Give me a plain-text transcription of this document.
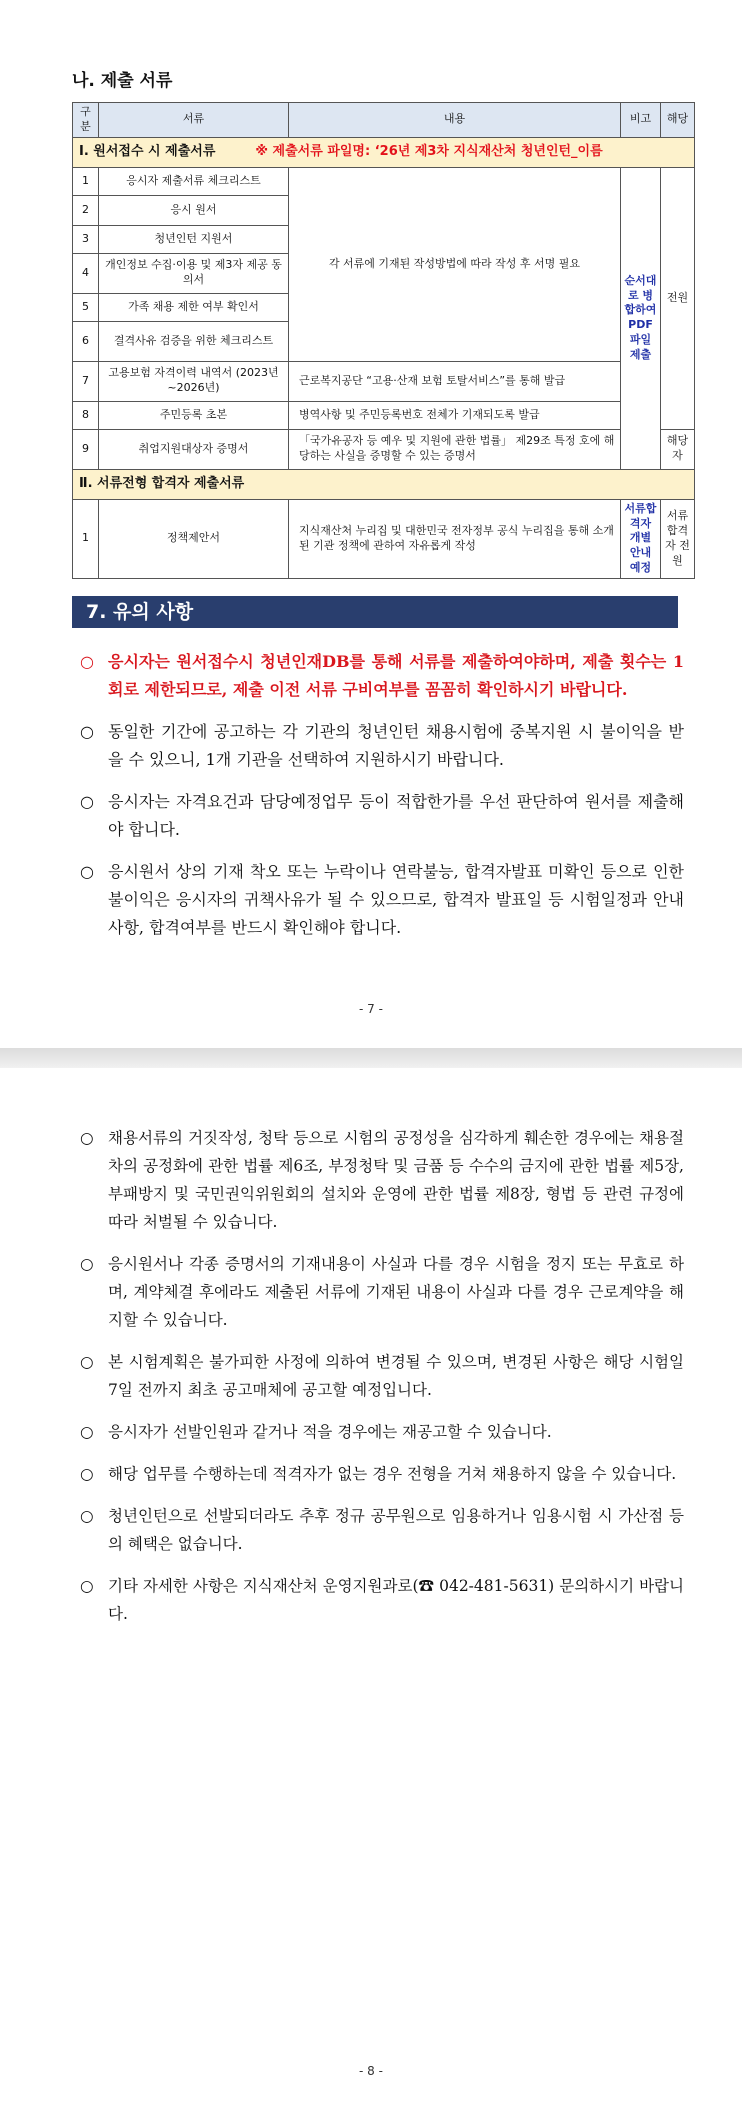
나. 제출 서류
구분	서류	내용	비고	해당
Ⅰ. 원서접수 시 제출서류 ※ 제출서류 파일명: ‘26년 제3차 지식재산처 청년인턴_이름				
1	응시자 제출서류 체크리스트	각 서류에 기재된 작성방법에 따라 작성 후 서명 필요	순서대로 병합하여 PDF파일 제출	전원
2	응시 원서			
3	청년인턴 지원서			
4	개인정보 수집·이용 및 제3자 제공 동의서			
5	가족 채용 제한 여부 확인서			
6	결격사유 검증을 위한 체크리스트			
7	고용보험 자격이력 내역서 (2023년~2026년)	근로복지공단 “고용·산재 보험 토탈서비스”를 통해 발급		
8	주민등록 초본	병역사항 및 주민등록번호 전체가 기재되도록 발급		
9	취업지원대상자 증명서	「국가유공자 등 예우 및 지원에 관한 법률」 제29조 특정 호에 해당하는 사실을 증명할 수 있는 증명서		해당자
Ⅱ. 서류전형 합격자 제출서류				
1	정책제안서	지식재산처 누리집 및 대한민국 전자정부 공식 누리집을 통해 소개된 기관 정책에 관하여 자유롭게 작성	서류합격자 개별 안내 예정	서류 합격자 전원
7. 유의 사항
○ 응시자는 원서접수시 청년인재DB를 통해 서류를 제출하여야하며, 제출 횟수는 1회로 제한되므로, 제출 이전 서류 구비여부를 꼼꼼히 확인하시기 바랍니다.
○ 동일한 기간에 공고하는 각 기관의 청년인턴 채용시험에 중복지원 시 불이익을 받을 수 있으니, 1개 기관을 선택하여 지원하시기 바랍니다.
○ 응시자는 자격요건과 담당예정업무 등이 적합한가를 우선 판단하여 원서를 제출해야 합니다.
○ 응시원서 상의 기재 착오 또는 누락이나 연락불능, 합격자발표 미확인 등으로 인한 불이익은 응시자의 귀책사유가 될 수 있으므로, 합격자 발표일 등 시험일정과 안내사항, 합격여부를 반드시 확인해야 합니다.
- 7 -
○ 채용서류의 거짓작성, 청탁 등으로 시험의 공정성을 심각하게 훼손한 경우에는 채용절차의 공정화에 관한 법률 제6조, 부정청탁 및 금품 등 수수의 금지에 관한 법률 제5장, 부패방지 및 국민권익위원회의 설치와 운영에 관한 법률 제8장, 형법 등 관련 규정에 따라 처벌될 수 있습니다.
○ 응시원서나 각종 증명서의 기재내용이 사실과 다를 경우 시험을 정지 또는 무효로 하며, 계약체결 후에라도 제출된 서류에 기재된 내용이 사실과 다를 경우 근로계약을 해지할 수 있습니다.
○ 본 시험계획은 불가피한 사정에 의하여 변경될 수 있으며, 변경된 사항은 해당 시험일 7일 전까지 최초 공고매체에 공고할 예정입니다.
○ 응시자가 선발인원과 같거나 적을 경우에는 재공고할 수 있습니다.
○ 해당 업무를 수행하는데 적격자가 없는 경우 전형을 거쳐 채용하지 않을 수 있습니다.
○ 청년인턴으로 선발되더라도 추후 정규 공무원으로 임용하거나 임용시험 시 가산점 등의 혜택은 없습니다.
○ 기타 자세한 사항은 지식재산처 운영지원과로(☎ 042-481-5631) 문의하시기 바랍니다.
- 8 -
